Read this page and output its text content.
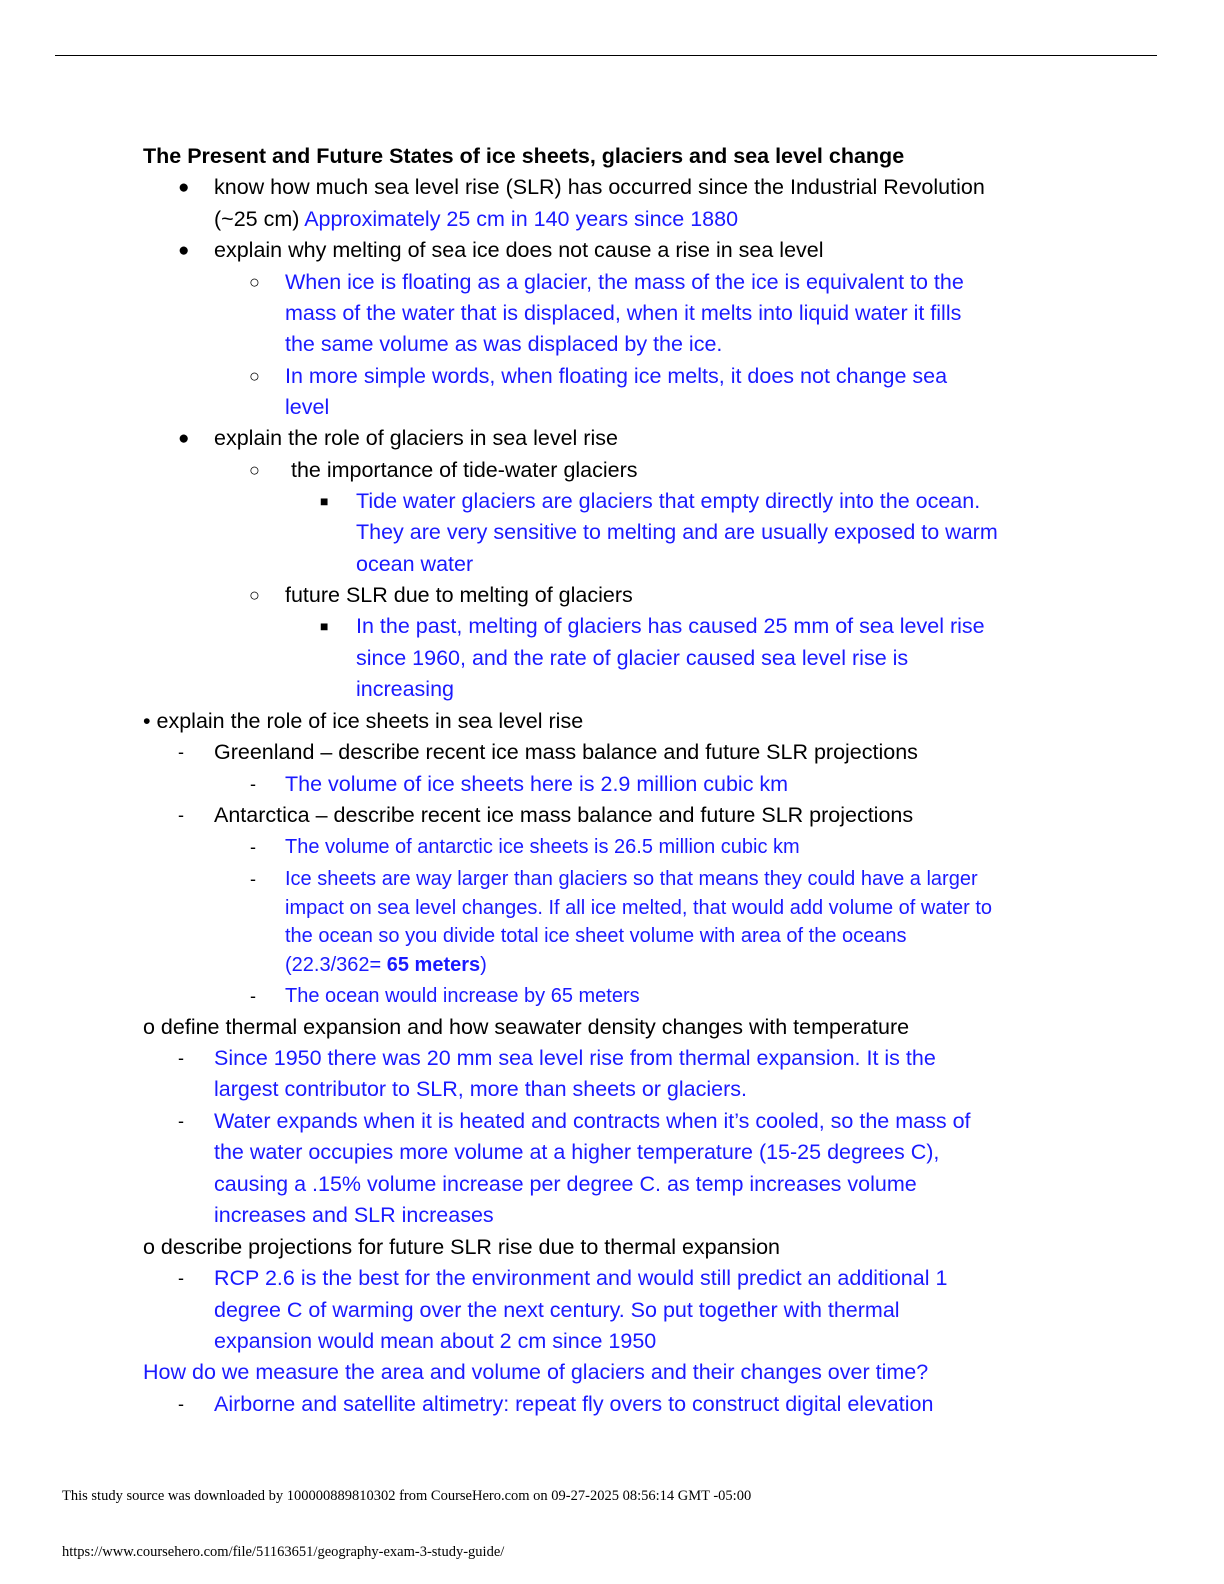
The Present and Future States of ice sheets, glaciers and sea level change
● know how much sea level rise (SLR) has occurred since the Industrial Revolution
(~25 cm) Approximately 25 cm in 140 years since 1880
● explain why melting of sea ice does not cause a rise in sea level
○ When ice is floating as a glacier, the mass of the ice is equivalent to the
mass of the water that is displaced, when it melts into liquid water it fills
the same volume as was displaced by the ice.
○ In more simple words, when floating ice melts, it does not change sea
level
● explain the role of glaciers in sea level rise
○ the importance of tide-water glaciers
■ Tide water glaciers are glaciers that empty directly into the ocean.
They are very sensitive to melting and are usually exposed to warm
ocean water
○ future SLR due to melting of glaciers
■ In the past, melting of glaciers has caused 25 mm of sea level rise
since 1960, and the rate of glacier caused sea level rise is
increasing
• explain the role of ice sheets in sea level rise
- Greenland – describe recent ice mass balance and future SLR projections
- The volume of ice sheets here is 2.9 million cubic km
- Antarctica – describe recent ice mass balance and future SLR projections
- The volume of antarctic ice sheets is 26.5 million cubic km
- Ice sheets are way larger than glaciers so that means they could have a larger
impact on sea level changes. If all ice melted, that would add volume of water to
the ocean so you divide total ice sheet volume with area of the oceans
(22.3/362= 65 meters)
- The ocean would increase by 65 meters
o define thermal expansion and how seawater density changes with temperature
- Since 1950 there was 20 mm sea level rise from thermal expansion. It is the
largest contributor to SLR, more than sheets or glaciers.
- Water expands when it is heated and contracts when it’s cooled, so the mass of
the water occupies more volume at a higher temperature (15-25 degrees C),
causing a .15% volume increase per degree C. as temp increases volume
increases and SLR increases
o describe projections for future SLR rise due to thermal expansion
- RCP 2.6 is the best for the environment and would still predict an additional 1
degree C of warming over the next century. So put together with thermal
expansion would mean about 2 cm since 1950
How do we measure the area and volume of glaciers and their changes over time?
- Airborne and satellite altimetry: repeat fly overs to construct digital elevation
This study source was downloaded by 100000889810302 from CourseHero.com on 09-27-2025 08:56:14 GMT -05:00
https://www.coursehero.com/file/51163651/geography-exam-3-study-guide/
